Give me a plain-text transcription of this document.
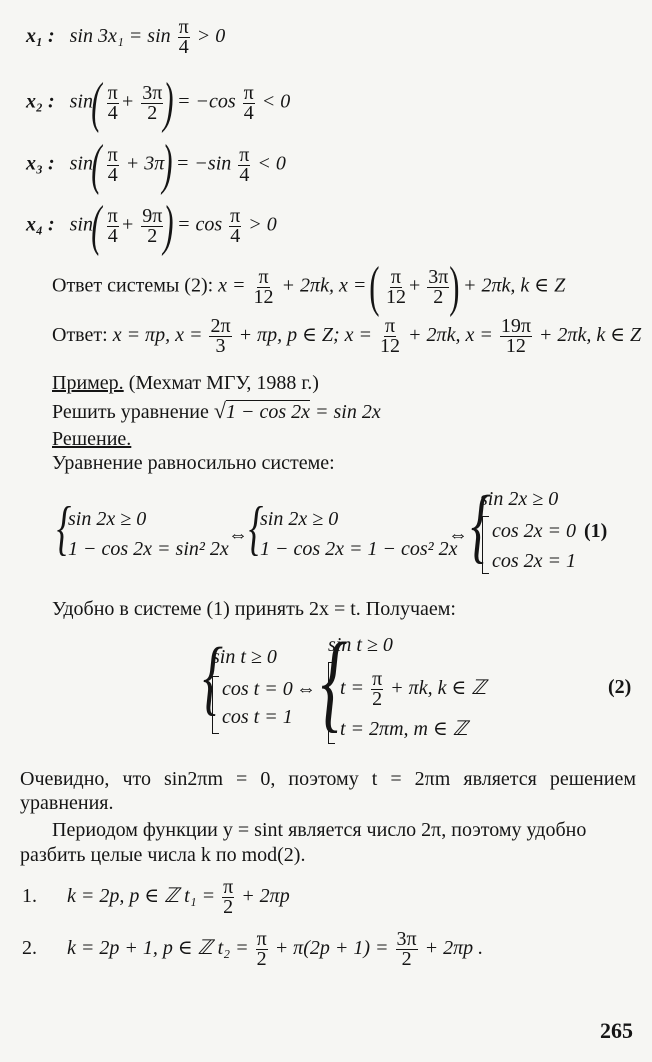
x₁ : $\sin 3x_1 = \sin \frac{\pi}{4} > 0$
x₂ : $\sin( \frac{\pi}{4} + \frac{3\pi}{2}$ ) = $-\cos \frac{\pi}{4} < 0$
x₃ : $\sin( \frac{\pi}{4} + 3\pi) = -\sin \frac{\pi}{4} < 0$
x₄ : $\sin( \frac{\pi}{4} + \frac{9\pi}{2}$ ) = $\cos \frac{\pi}{4} > 0$
Ответ системы (2): $x = \frac{\pi}{12} + 2\pi k$, x = ( $\frac{\pi}{12} + \frac{3\pi}{2}$ ) + 2πk, k ∈ Z
Ответ: x = πp, $x = \frac{2\pi}{3} + \pi p$, p ∈ Z; $x = \frac{\pi}{12} + 2\pi k$, $x = \frac{19\pi}{12} + 2\pi k$, k ∈ Z
Пример. (Мехмат МГУ, 1988 г.)
Решить уравнение √1 − cos 2x = sin 2x
Решение.
Уравнение равносильно системе:
{
sin 2x ≥ 0
1 − cos 2x = sin² 2x
⇔ {
sin 2x ≥ 0
1 − cos 2x = 1 − cos² 2x
⇔ {
sin 2x ≥ 0
cos 2x = 0
cos 2x = 1
(1)
Удобно в системе (1) принять 2x = t. Получаем:
{
sin t ≥ 0
cos t = 0
cos t = 1
⇔ {
sin t ≥ 0
$t = \frac{\pi}{2} + \pi k$, k ∈ ℤ
t = 2πm, m ∈ ℤ
(2)
Очевидно, что sin2πm = 0, поэтому t = 2πm является решением
уравнения.
Периодом функции y = sint является число 2π, поэтому удобно
разбить целые числа k по mod(2).
1. k = 2p, p ∈ ℤ $t_1 = \frac{\pi}{2} + 2\pi p$
2. k = 2p + 1, p ∈ ℤ $t_2 = \frac{\pi}{2} + \pi(2p + 1) = \frac{3\pi}{2} + 2\pi p$ .
265
